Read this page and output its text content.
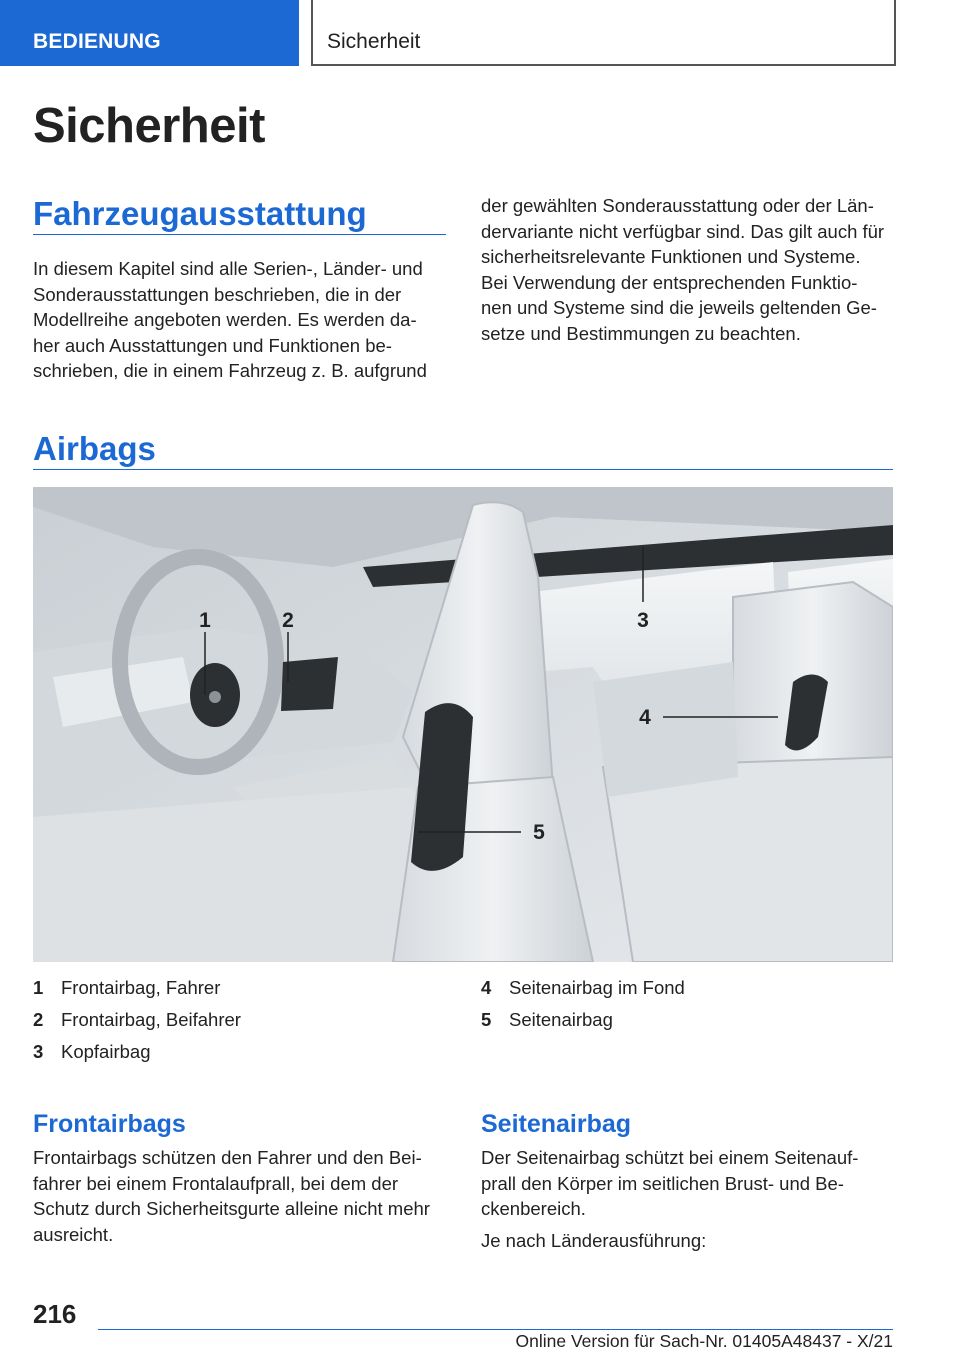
BEDIENUNG	Sicherheit
Sicherheit
Fahrzeugausstattung
In diesem Kapitel sind alle Serien-, Länder- und
Sonderausstattungen beschrieben, die in der
Modellreihe angeboten werden. Es werden da-
her auch Ausstattungen und Funktionen be-
schrieben, die in einem Fahrzeug z. B. aufgrund
der gewählten Sonderausstattung oder der Län-
dervariante nicht verfügbar sind. Das gilt auch für
sicherheitsrelevante Funktionen und Systeme.
Bei Verwendung der entsprechenden Funktio-
nen und Systeme sind die jeweils geltenden Ge-
setze und Bestimmungen zu beachten.
Airbags
1	2	3
4
5
1 Frontairbag, Fahrer
2 Frontairbag, Beifahrer
3 Kopfairbag
4 Seitenairbag im Fond
5 Seitenairbag
Frontairbags
Frontairbags schützen den Fahrer und den Bei-
fahrer bei einem Frontalaufprall, bei dem der
Schutz durch Sicherheitsgurte alleine nicht mehr
ausreicht.
Seitenairbag
Der Seitenairbag schützt bei einem Seitenauf-
prall den Körper im seitlichen Brust- und Be-
ckenbereich.
Je nach Länderausführung:
216
Online Version für Sach-Nr. 01405A48437 - X/21
